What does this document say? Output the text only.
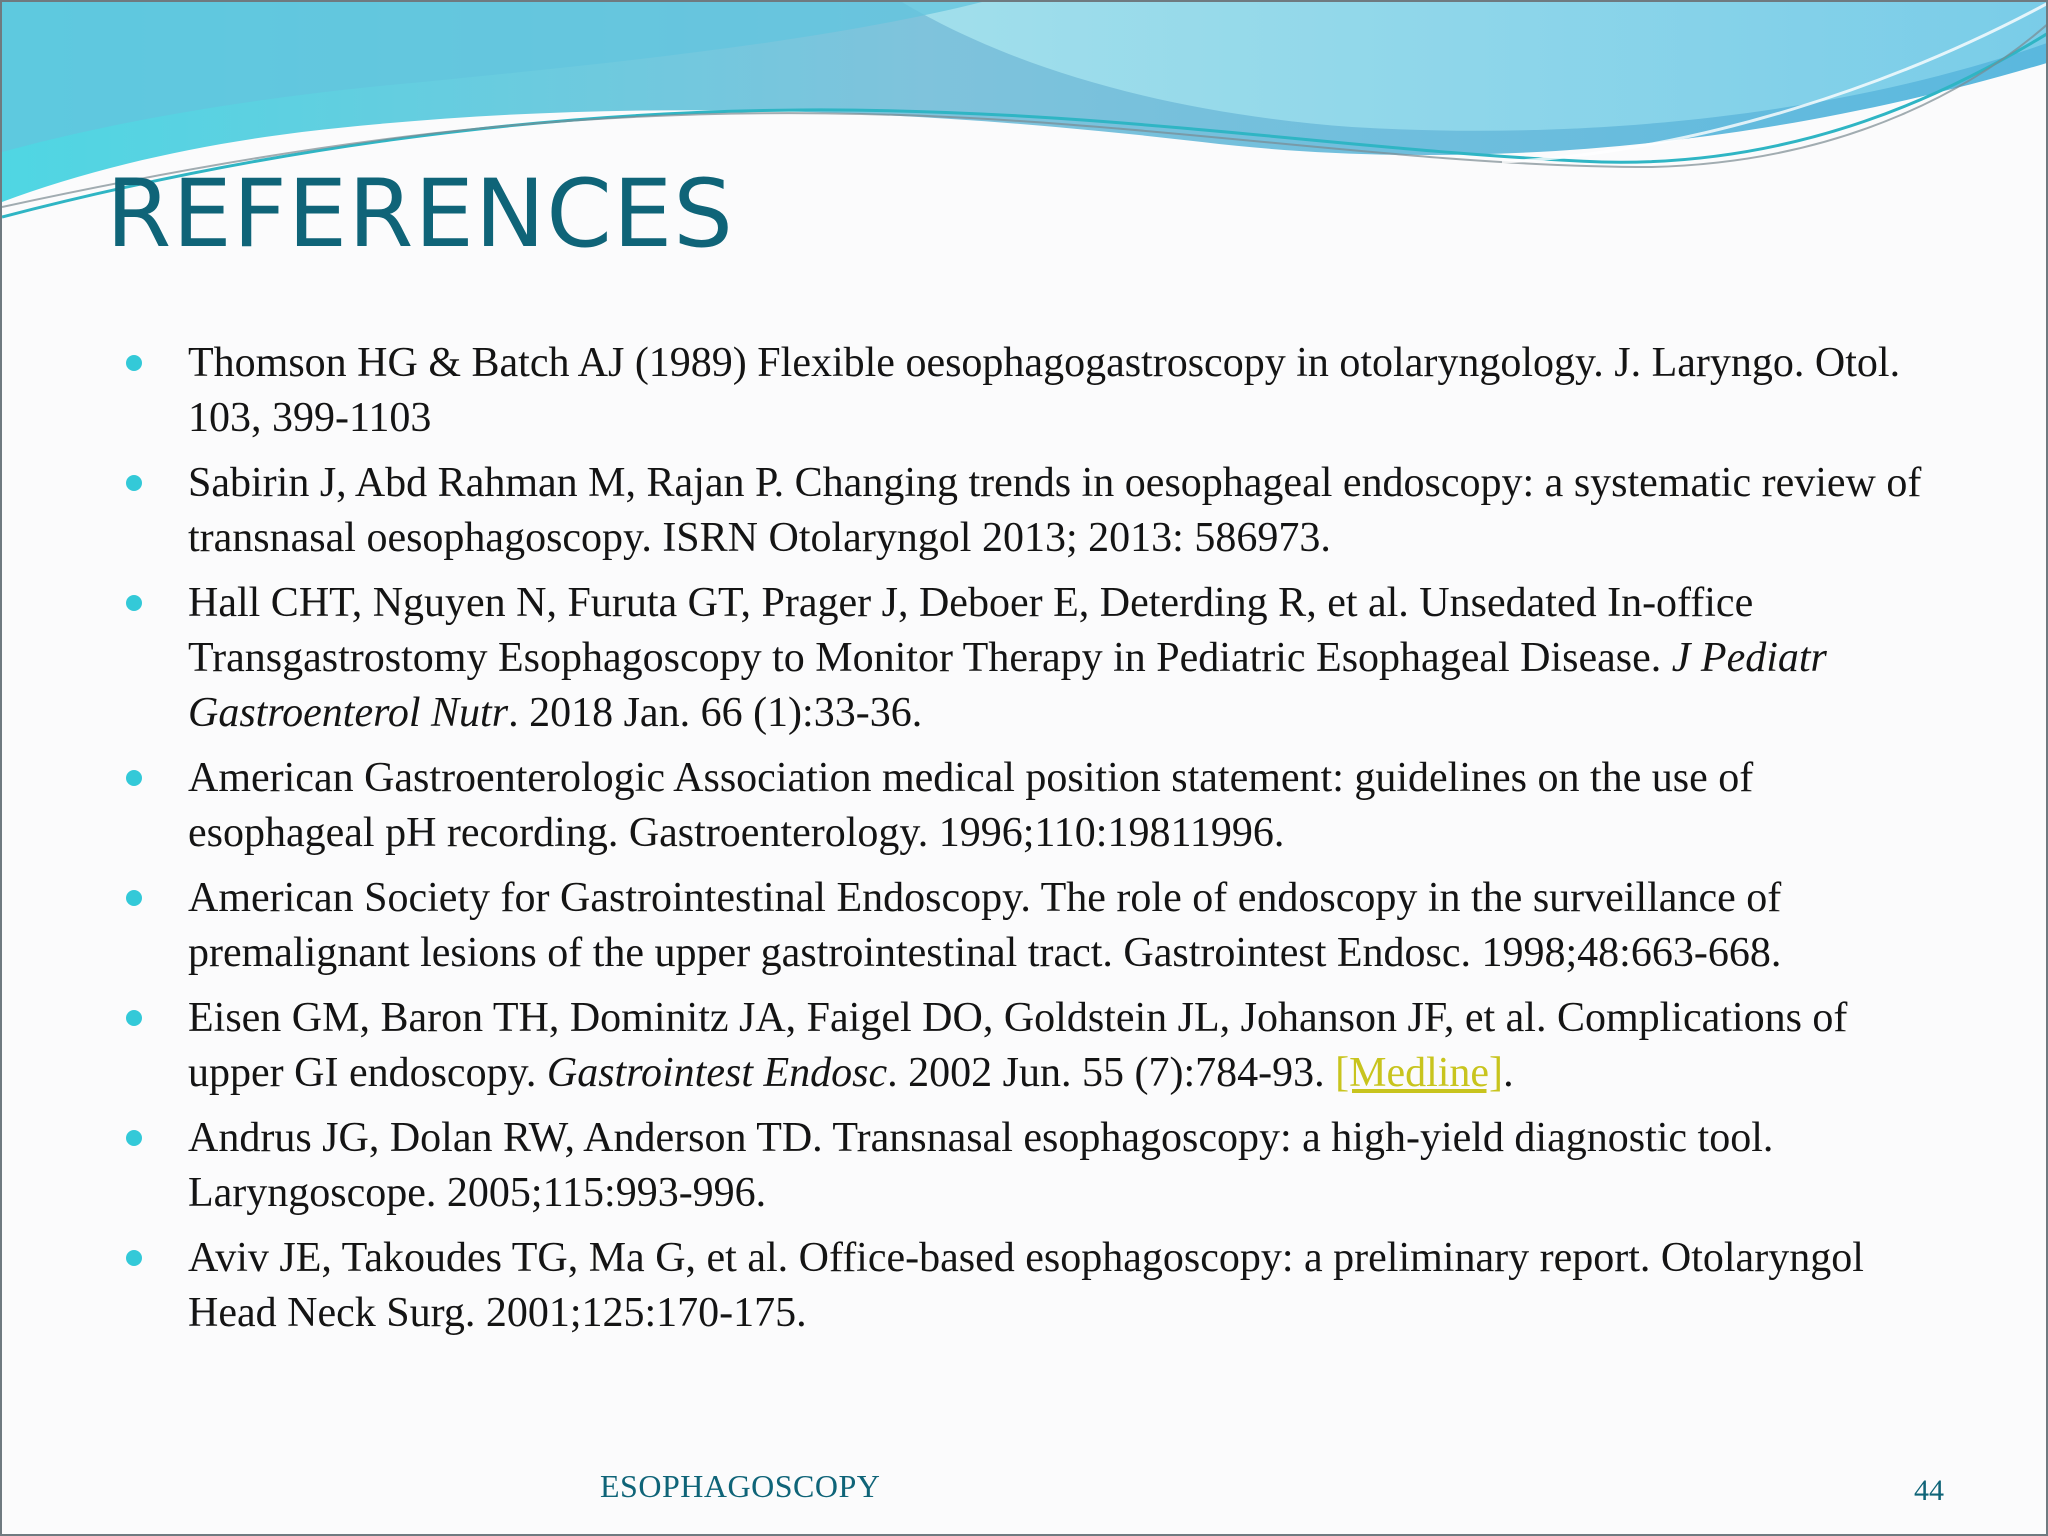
REFERENCES
Thomson HG & Batch AJ (1989) Flexible oesophagogastroscopy in otolaryngology. J. Laryngo. Otol. 103, 399-1103
Sabirin J, Abd Rahman M, Rajan P. Changing trends in oesophageal endoscopy: a systematic review of transnasal oesophagoscopy. ISRN Otolaryngol 2013; 2013: 586973.
Hall CHT, Nguyen N, Furuta GT, Prager J, Deboer E, Deterding R, et al. Unsedated In-office Transgastrostomy Esophagoscopy to Monitor Therapy in Pediatric Esophageal Disease. J Pediatr Gastroenterol Nutr. 2018 Jan. 66 (1):33-36.
American Gastroenterologic Association medical position statement: guidelines on the use of esophageal pH recording. Gastroenterology. 1996;110:19811996.
American Society for Gastrointestinal Endoscopy. The role of endoscopy in the surveillance of premalignant lesions of the upper gastrointestinal tract. Gastrointest Endosc. 1998;48:663-668.
Eisen GM, Baron TH, Dominitz JA, Faigel DO, Goldstein JL, Johanson JF, et al. Complications of upper GI endoscopy. Gastrointest Endosc. 2002 Jun. 55 (7):784-93. [Medline].
Andrus JG, Dolan RW, Anderson TD. Transnasal esophagoscopy: a high-yield diagnostic tool. Laryngoscope. 2005;115:993-996.
Aviv JE, Takoudes TG, Ma G, et al. Office-based esophagoscopy: a preliminary report. Otolaryngol Head Neck Surg. 2001;125:170-175.
ESOPHAGOSCOPY	44
